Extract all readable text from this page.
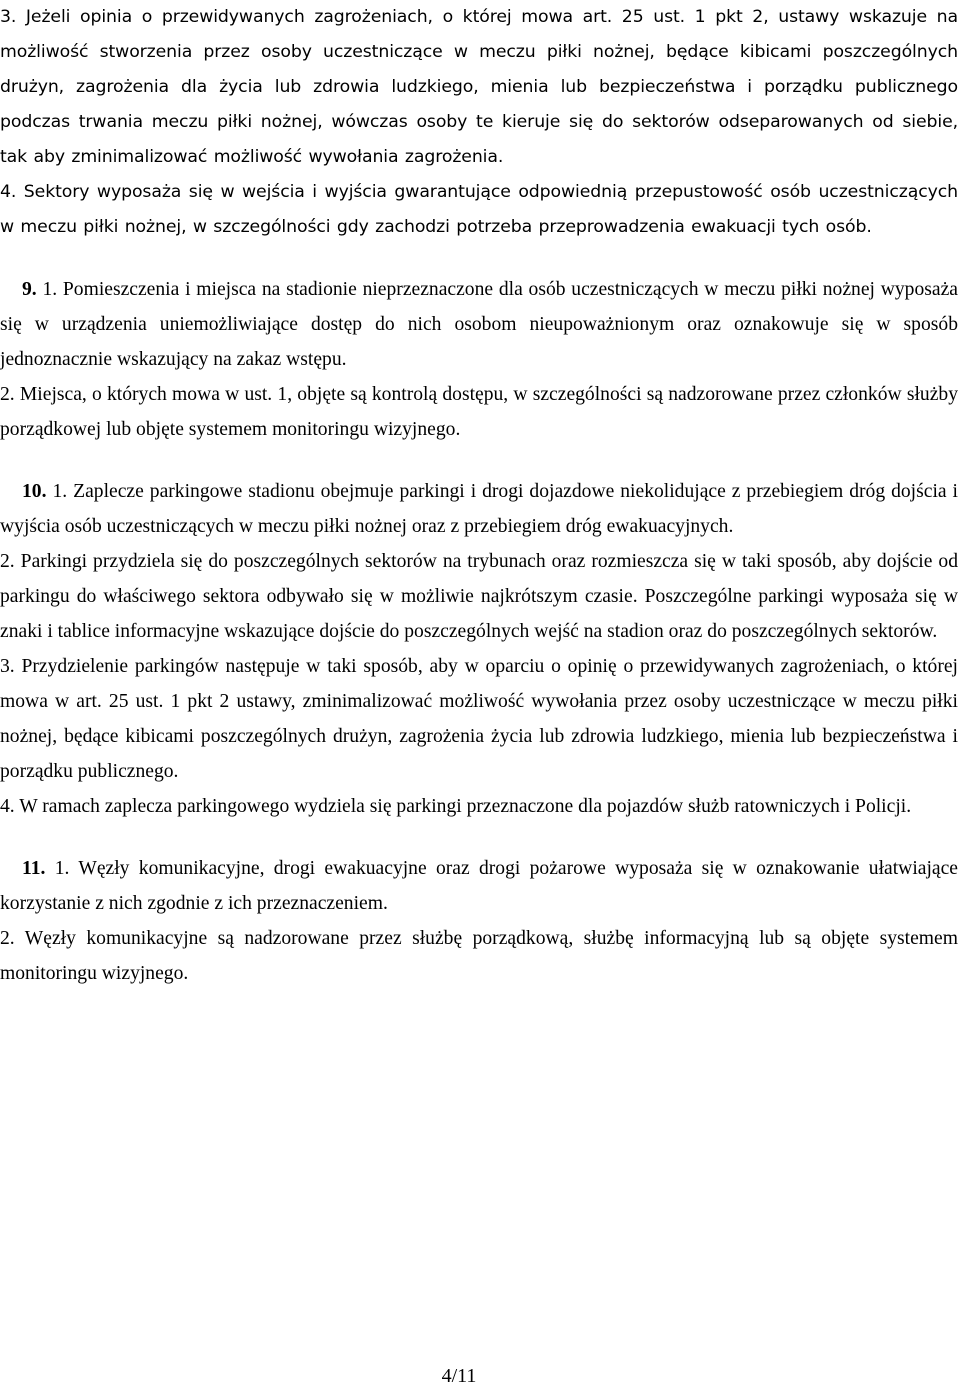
3. Jeżeli opinia o przewidywanych zagrożeniach, o której mowa art. 25 ust. 1 pkt 2, ustawy wskazuje na możliwość stworzenia przez osoby uczestniczące w meczu piłki nożnej, będące kibicami poszczególnych drużyn, zagrożenia dla życia lub zdrowia ludzkiego, mienia lub bezpieczeństwa i porządku publicznego podczas trwania meczu piłki nożnej, wówczas osoby te kieruje się do sektorów odseparowanych od siebie, tak aby zminimalizować możliwość wywołania zagrożenia.

4. Sektory wyposaża się w wejścia i wyjścia gwarantujące odpowiednią przepustowość osób uczestniczących w meczu piłki nożnej, w szczególności gdy zachodzi potrzeba przeprowadzenia ewakuacji tych osób.

9. 1. Pomieszczenia i miejsca na stadionie nieprzeznaczone dla osób uczestniczących w meczu piłki nożnej wyposaża się w urządzenia uniemożliwiające dostęp do nich osobom nieupoważnionym oraz oznakowuje się w sposób jednoznacznie wskazujący na zakaz wstępu.

2. Miejsca, o których mowa w ust. 1, objęte są kontrolą dostępu, w szczególności są nadzorowane przez członków służby porządkowej lub objęte systemem monitoringu wizyjnego.

10. 1. Zaplecze parkingowe stadionu obejmuje parkingi i drogi dojazdowe niekolidujące z przebiegiem dróg dojścia i wyjścia osób uczestniczących w meczu piłki nożnej oraz z przebiegiem dróg ewakuacyjnych.

2. Parkingi przydziela się do poszczególnych sektorów na trybunach oraz rozmieszcza się w taki sposób, aby dojście od parkingu do właściwego sektora odbywało się w możliwie najkrótszym czasie. Poszczególne parkingi wyposaża się w znaki i tablice informacyjne wskazujące dojście do poszczególnych wejść na stadion oraz do poszczególnych sektorów.

3. Przydzielenie parkingów następuje w taki sposób, aby w oparciu o opinię o przewidywanych zagrożeniach, o której mowa w art. 25 ust. 1 pkt 2 ustawy, zminimalizować możliwość wywołania przez osoby uczestniczące w meczu piłki nożnej, będące kibicami poszczególnych drużyn, zagrożenia życia lub zdrowia ludzkiego, mienia lub bezpieczeństwa i porządku publicznego.

4. W ramach zaplecza parkingowego wydziela się parkingi przeznaczone dla pojazdów służb ratowniczych i Policji.

11. 1. Węzły komunikacyjne, drogi ewakuacyjne oraz drogi pożarowe wyposaża się w oznakowanie ułatwiające korzystanie z nich zgodnie z ich przeznaczeniem.

2. Węzły komunikacyjne są nadzorowane przez służbę porządkową, służbę informacyjną lub są objęte systemem monitoringu wizyjnego.

4/11
